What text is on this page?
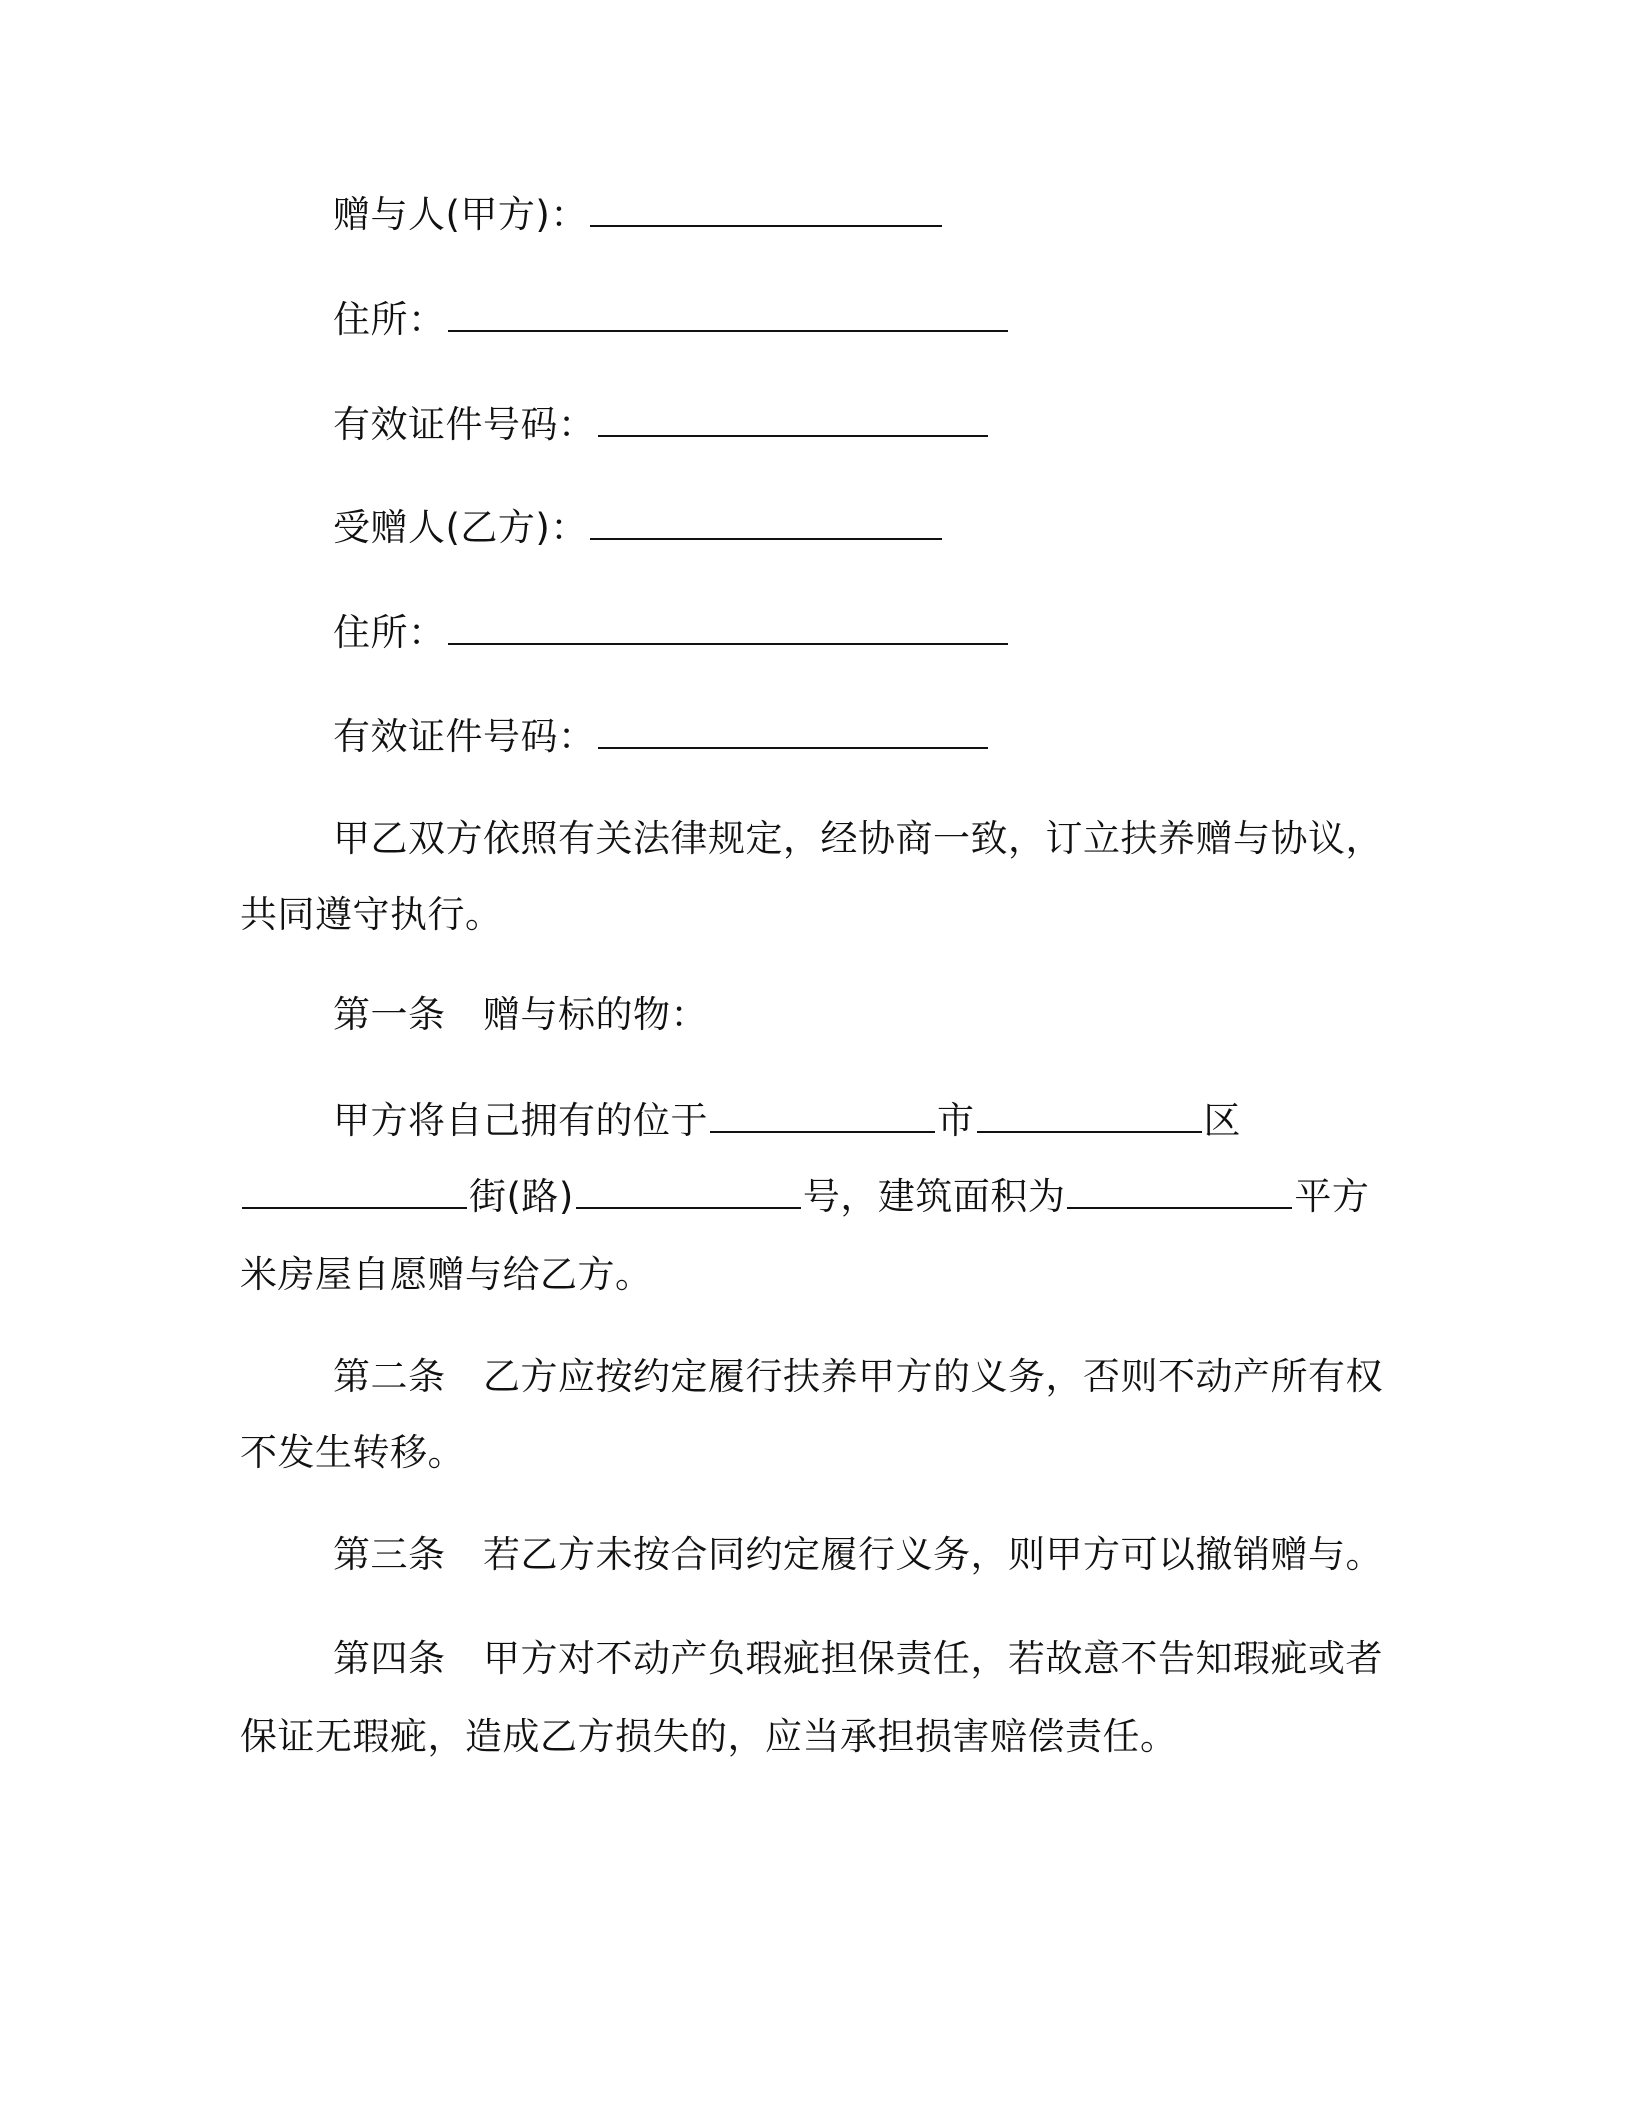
赠与人(甲方)：
住所：
有效证件号码：
受赠人(乙方)：
住所：
有效证件号码：
甲乙双方依照有关法律规定，经协商一致，订立扶养赠与协议，
共同遵守执行。
第一条　赠与标的物：
甲方将自己拥有的位于	市	区
街(路)	号，建筑面积为	平方
米房屋自愿赠与给乙方。
第二条　乙方应按约定履行扶养甲方的义务，否则不动产所有权
不发生转移。
第三条　若乙方未按合同约定履行义务，则甲方可以撤销赠与。
第四条　甲方对不动产负瑕疵担保责任，若故意不告知瑕疵或者
保证无瑕疵，造成乙方损失的，应当承担损害赔偿责任。
